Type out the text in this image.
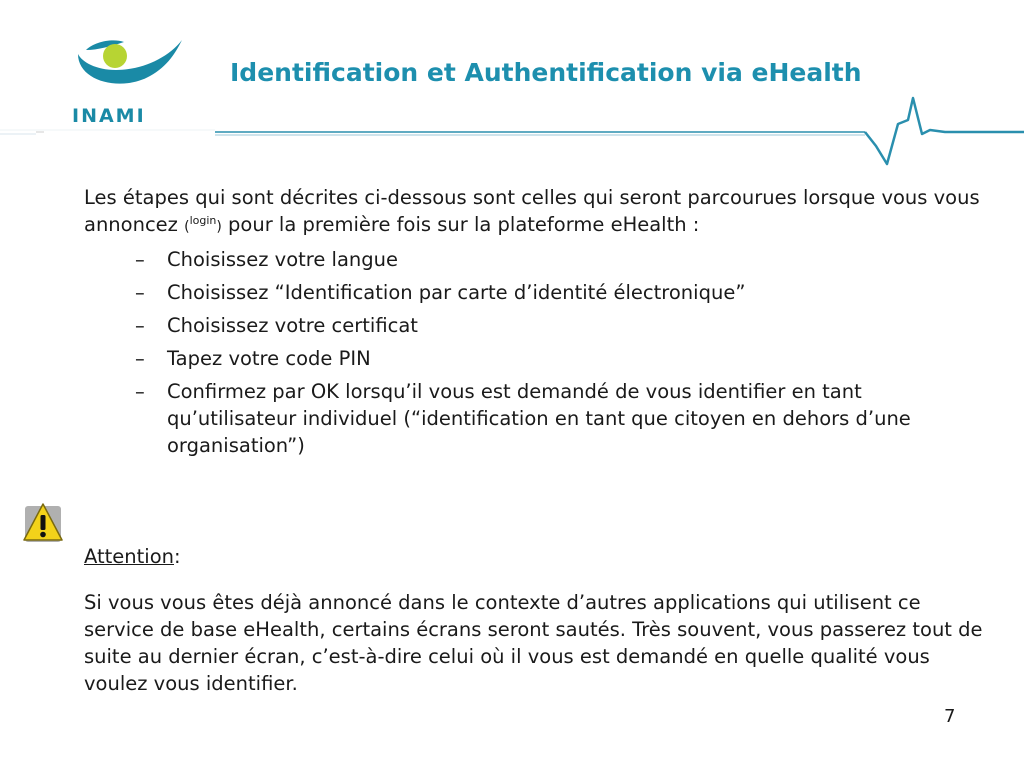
INAMI
Identification et Authentification via eHealth

Les étapes qui sont décrites ci-dessous sont celles qui seront parcourues lorsque vous vous annoncez ($^{login}$) pour la première fois sur la plateforme eHealth :

– Choisissez votre langue
– Choisissez “Identification par carte d’identité électronique”
– Choisissez votre certificat
– Tapez votre code PIN
– Confirmez par OK lorsqu’il vous est demandé de vous identifier en tant qu’utilisateur individuel (“identification en tant que citoyen en dehors d’une organisation”)

Attention:

Si vous vous êtes déjà annoncé dans le contexte d’autres applications qui utilisent ce service de base eHealth, certains écrans seront sautés. Très souvent, vous passerez tout de suite au dernier écran, c’est-à-dire celui où il vous est demandé en quelle qualité vous voulez vous identifier.

7
